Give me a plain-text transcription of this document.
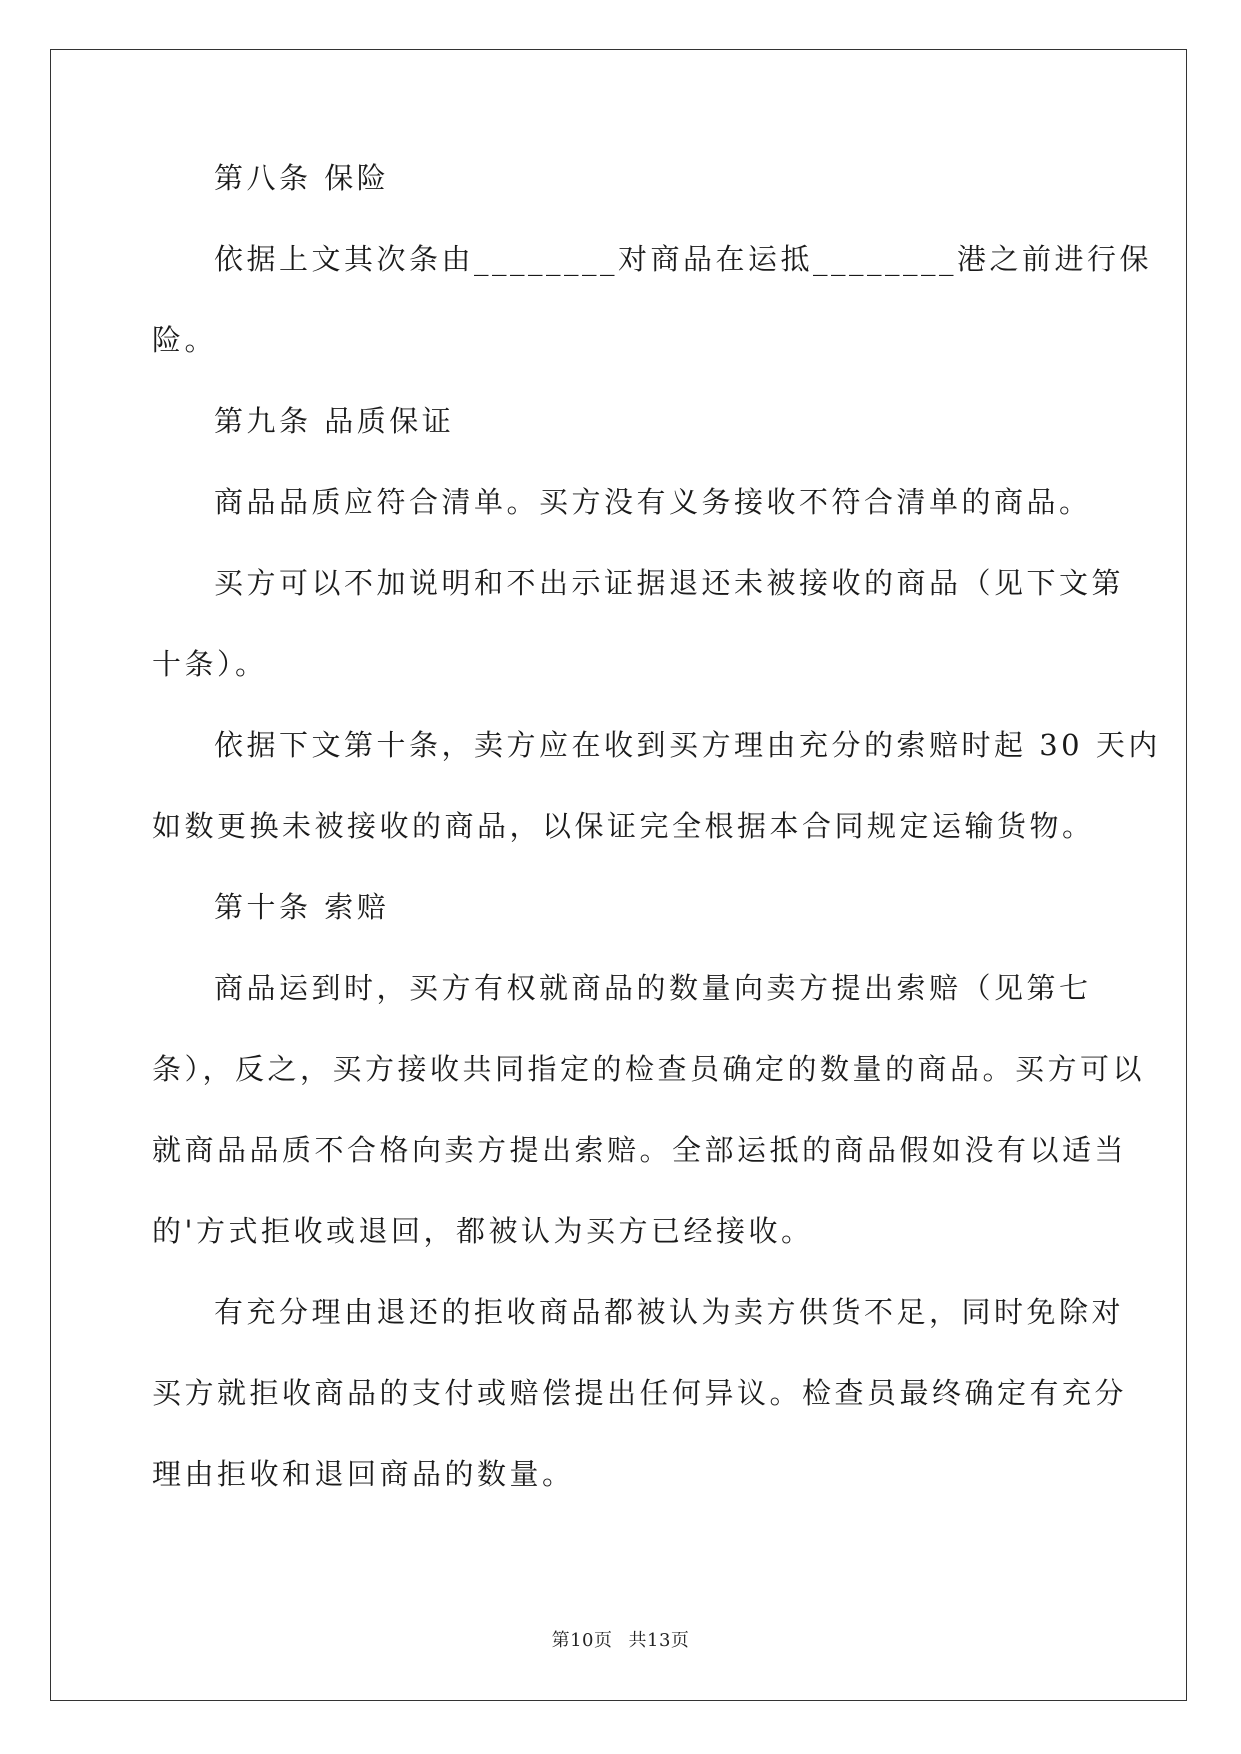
第八条 保险
依据上文其次条由________对商品在运抵________港之前进行保
险。
第九条 品质保证
商品品质应符合清单。买方没有义务接收不符合清单的商品。
买方可以不加说明和不出示证据退还未被接收的商品（见下文第
十条）。
依据下文第十条，卖方应在收到买方理由充分的索赔时起 30 天内
如数更换未被接收的商品，以保证完全根据本合同规定运输货物。
第十条 索赔
商品运到时，买方有权就商品的数量向卖方提出索赔（见第七
条），反之，买方接收共同指定的检查员确定的数量的商品。买方可以
就商品品质不合格向卖方提出索赔。全部运抵的商品假如没有以适当
的'方式拒收或退回，都被认为买方已经接收。
有充分理由退还的拒收商品都被认为卖方供货不足，同时免除对
买方就拒收商品的支付或赔偿提出任何异议。检查员最终确定有充分
理由拒收和退回商品的数量。
第10页 共13页
